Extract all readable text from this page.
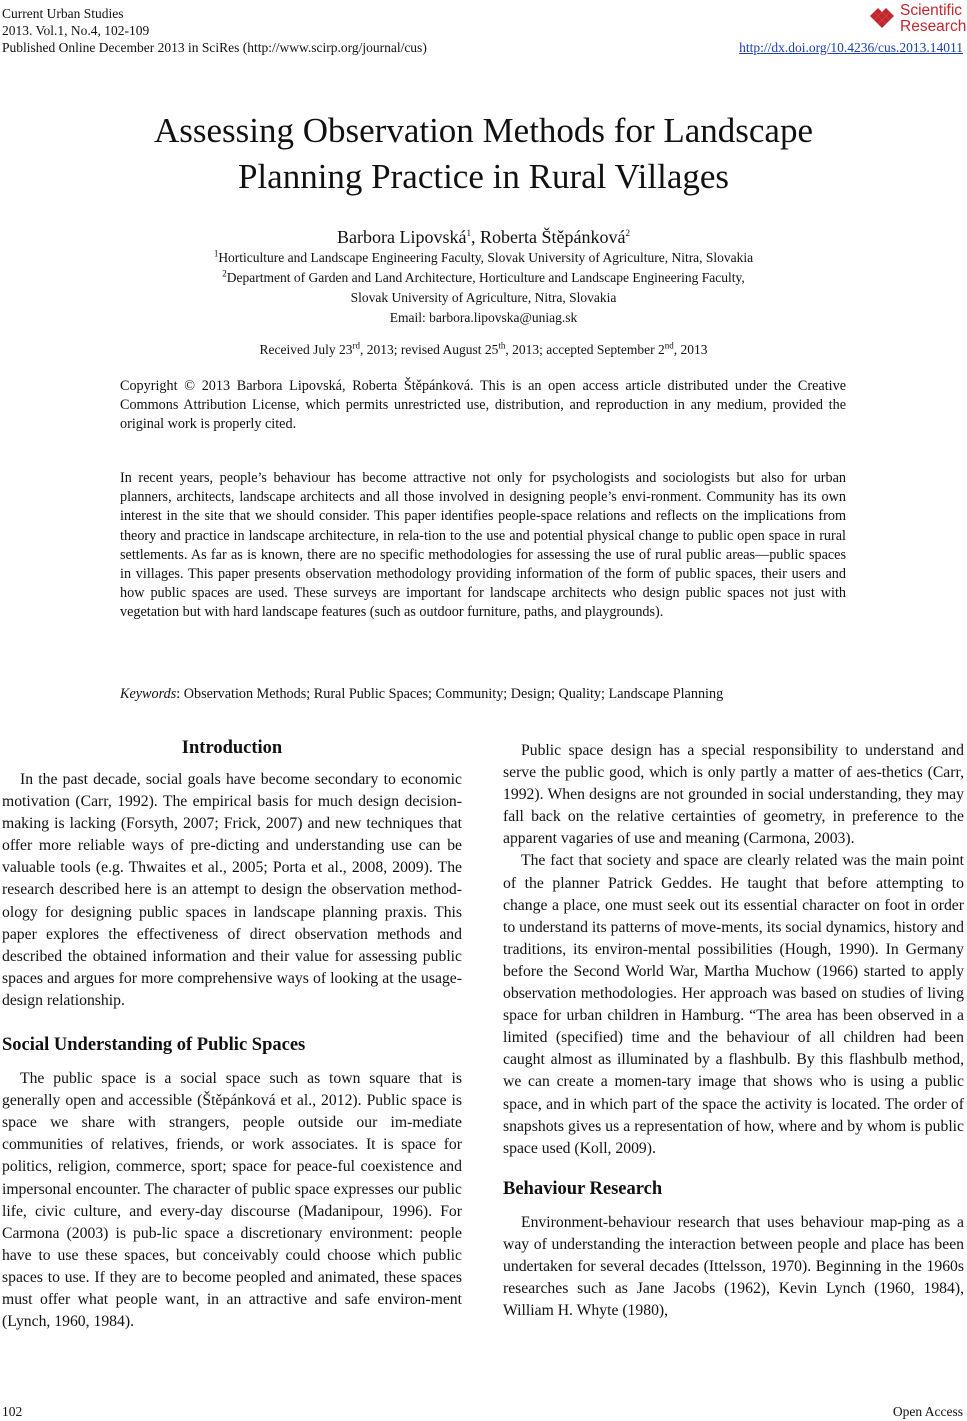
Current Urban Studies
2013. Vol.1, No.4, 102-109
Published Online December 2013 in SciRes (http://www.scirp.org/journal/cus)	http://dx.doi.org/10.4236/cus.2013.14011
Scientific
Research
Assessing Observation Methods for Landscape
Planning Practice in Rural Villages
Barbora Lipovská$^1$, Roberta Štěpánková$^2$
$^1$Horticulture and Landscape Engineering Faculty, Slovak University of Agriculture, Nitra, Slovakia
$^2$Department of Garden and Land Architecture, Horticulture and Landscape Engineering Faculty,
Slovak University of Agriculture, Nitra, Slovakia
Email: barbora.lipovska@uniag.sk
Received July 23rd, 2013; revised August 25th, 2013; accepted September 2nd, 2013
Copyright © 2013 Barbora Lipovská, Roberta Štěpánková. This is an open access article distributed under the Creative Commons Attribution License, which permits unrestricted use, distribution, and reproduction in any medium, provided the original work is properly cited.
In recent years, people’s behaviour has become attractive not only for psychologists and sociologists but also for urban planners, architects, landscape architects and all those involved in designing people’s envi-ronment. Community has its own interest in the site that we should consider. This paper identifies people-space relations and reflects on the implications from theory and practice in landscape architecture, in rela-tion to the use and potential physical change to public open space in rural settlements. As far as is known, there are no specific methodologies for assessing the use of rural public areas—public spaces in villages. This paper presents observation methodology providing information of the form of public spaces, their users and how public spaces are used. These surveys are important for landscape architects who design public spaces not just with vegetation but with hard landscape features (such as outdoor furniture, paths, and playgrounds).
Keywords: Observation Methods; Rural Public Spaces; Community; Design; Quality; Landscape Planning
Introduction

In the past decade, social goals have become secondary to economic motivation (Carr, 1992). The empirical basis for much design decision-making is lacking (Forsyth, 2007; Frick, 2007) and new techniques that offer more reliable ways of pre-dicting and understanding use can be valuable tools (e.g. Thwaites et al., 2005; Porta et al., 2008, 2009). The research described here is an attempt to design the observation method-ology for designing public spaces in landscape planning praxis. This paper explores the effectiveness of direct observation methods and described the obtained information and their value for assessing public spaces and argues for more comprehensive ways of looking at the usage-design relationship.

Social Understanding of Public Spaces

The public space is a social space such as town square that is generally open and accessible (Štěpánková et al., 2012). Public space is space we share with strangers, people outside our im-mediate communities of relatives, friends, or work associates. It is space for politics, religion, commerce, sport; space for peace-ful coexistence and impersonal encounter. The character of public space expresses our public life, civic culture, and every-day discourse (Madanipour, 1996). For Carmona (2003) is pub-lic space a discretionary environment: people have to use these spaces, but conceivably could choose which public spaces to use. If they are to become peopled and animated, these spaces must offer what people want, in an attractive and safe environ-ment (Lynch, 1960, 1984).

Public space design has a special responsibility to understand and serve the public good, which is only partly a matter of aes-thetics (Carr, 1992). When designs are not grounded in social understanding, they may fall back on the relative certainties of geometry, in preference to the apparent vagaries of use and meaning (Carmona, 2003).

The fact that society and space are clearly related was the main point of the planner Patrick Geddes. He taught that before attempting to change a place, one must seek out its essential character on foot in order to understand its patterns of move-ments, its social dynamics, history and traditions, its environ-mental possibilities (Hough, 1990). In Germany before the Second World War, Martha Muchow (1966) started to apply observation methodologies. Her approach was based on studies of living space for urban children in Hamburg. “The area has been observed in a limited (specified) time and the behaviour of all children had been caught almost as illuminated by a flashbulb. By this flashbulb method, we can create a momen-tary image that shows who is using a public space, and in which part of the space the activity is located. The order of snapshots gives us a representation of how, where and by whom is public space used (Koll, 2009).

Behaviour Research

Environment-behaviour research that uses behaviour map-ping as a way of understanding the interaction between people and place has been undertaken for several decades (Ittelsson, 1970). Beginning in the 1960s researches such as Jane Jacobs (1962), Kevin Lynch (1960, 1984), William H. Whyte (1980),

102	Open Access
